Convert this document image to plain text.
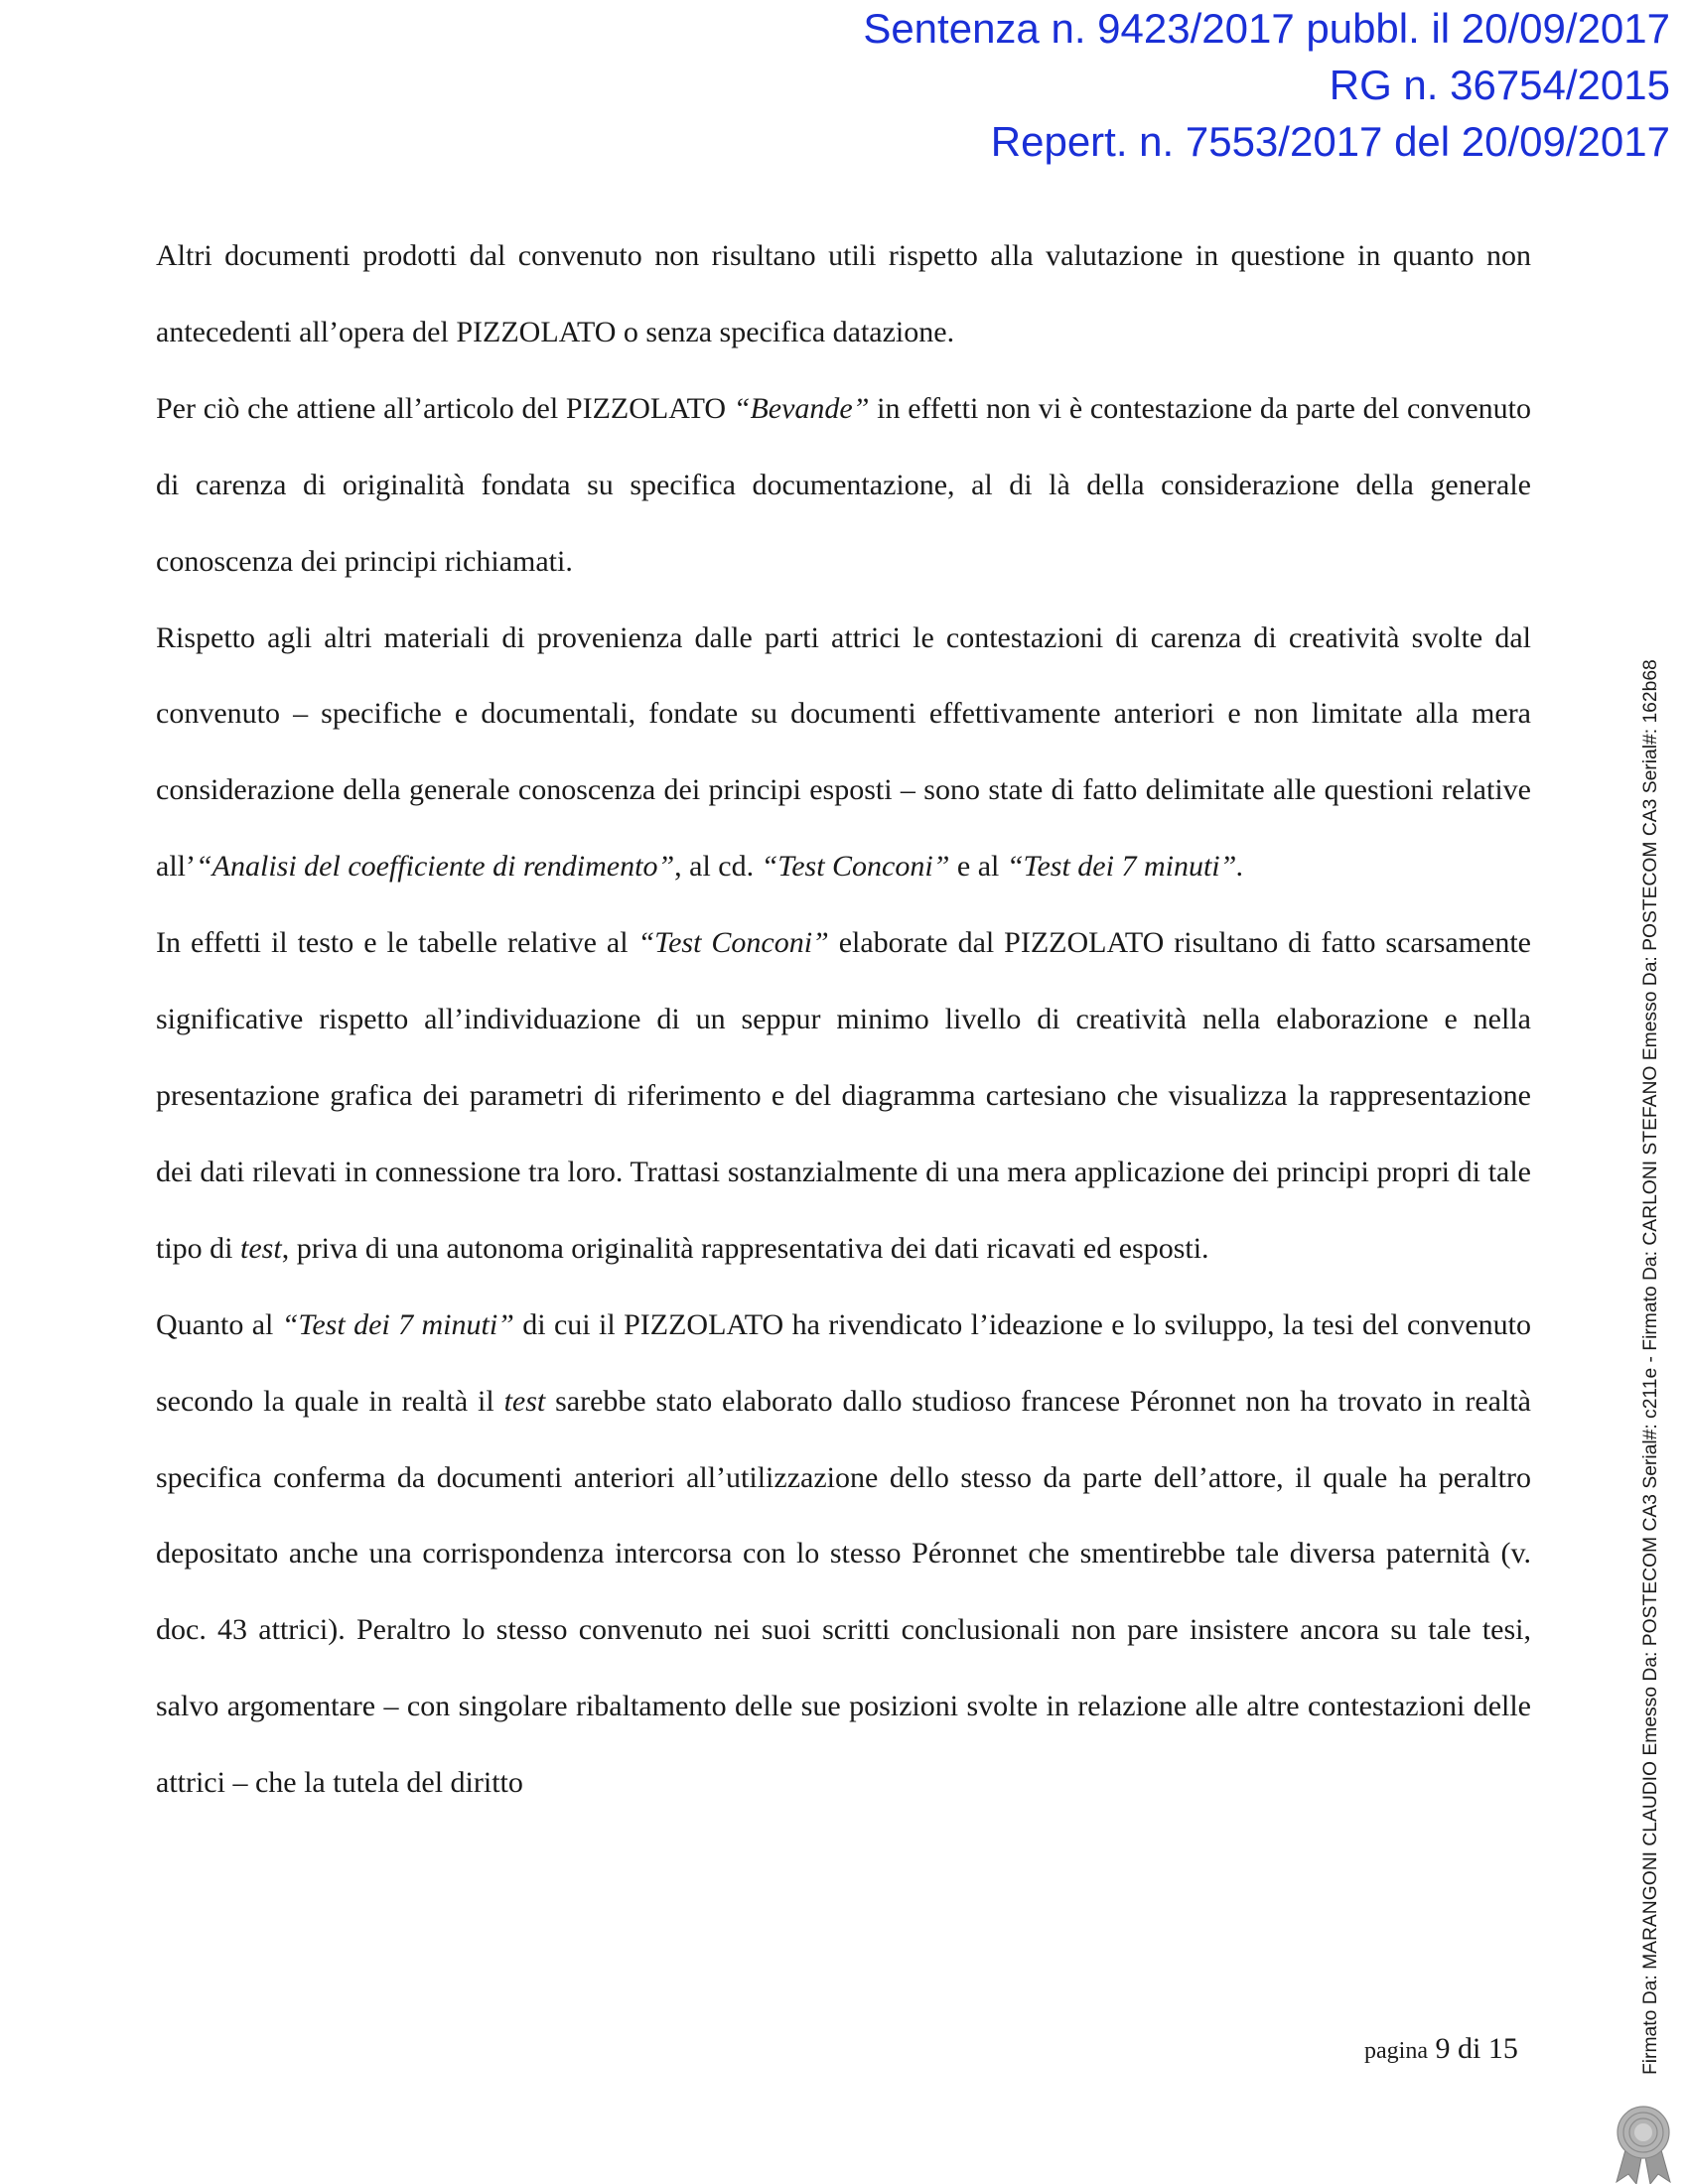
Sentenza n. 9423/2017 pubbl. il 20/09/2017
RG n. 36754/2015
Repert. n. 7553/2017 del 20/09/2017

Altri documenti prodotti dal convenuto non risultano utili rispetto alla valutazione in questione in quanto non antecedenti all’opera del PIZZOLATO o senza specifica datazione.

Per ciò che attiene all’articolo del PIZZOLATO “Bevande” in effetti non vi è contestazione da parte del convenuto di carenza di originalità fondata su specifica documentazione, al di là della considerazione della generale conoscenza dei principi richiamati.

Rispetto agli altri materiali di provenienza dalle parti attrici le contestazioni di carenza di creatività svolte dal convenuto – specifiche e documentali, fondate su documenti effettivamente anteriori e non limitate alla mera considerazione della generale conoscenza dei principi esposti – sono state di fatto delimitate alle questioni relative all’“Analisi del coefficiente di rendimento”, al cd. “Test Conconi” e al “Test dei 7 minuti”.

In effetti il testo e le tabelle relative al “Test Conconi” elaborate dal PIZZOLATO risultano di fatto scarsamente significative rispetto all’individuazione di un seppur minimo livello di creatività nella elaborazione e nella presentazione grafica dei parametri di riferimento e del diagramma cartesiano che visualizza la rappresentazione dei dati rilevati in connessione tra loro. Trattasi sostanzialmente di una mera applicazione dei principi propri di tale tipo di test, priva di una autonoma originalità rappresentativa dei dati ricavati ed esposti.

Quanto al “Test dei 7 minuti” di cui il PIZZOLATO ha rivendicato l’ideazione e lo sviluppo, la tesi del convenuto secondo la quale in realtà il test sarebbe stato elaborato dallo studioso francese Péronnet non ha trovato in realtà specifica conferma da documenti anteriori all’utilizzazione dello stesso da parte dell’attore, il quale ha peraltro depositato anche una corrispondenza intercorsa con lo stesso Péronnet che smentirebbe tale diversa paternità (v. doc. 43 attrici). Peraltro lo stesso convenuto nei suoi scritti conclusionali non pare insistere ancora su tale tesi, salvo argomentare – con singolare ribaltamento delle sue posizioni svolte in relazione alle altre contestazioni delle attrici – che la tutela del diritto

pagina 9 di 15	Firmato Da: MARANGONI CLAUDIO Emesso Da: POSTECOM CA3 Serial#: c211e - Firmato Da: CARLONI STEFANO Emesso Da: POSTECOM CA3 Serial#: 162b68
